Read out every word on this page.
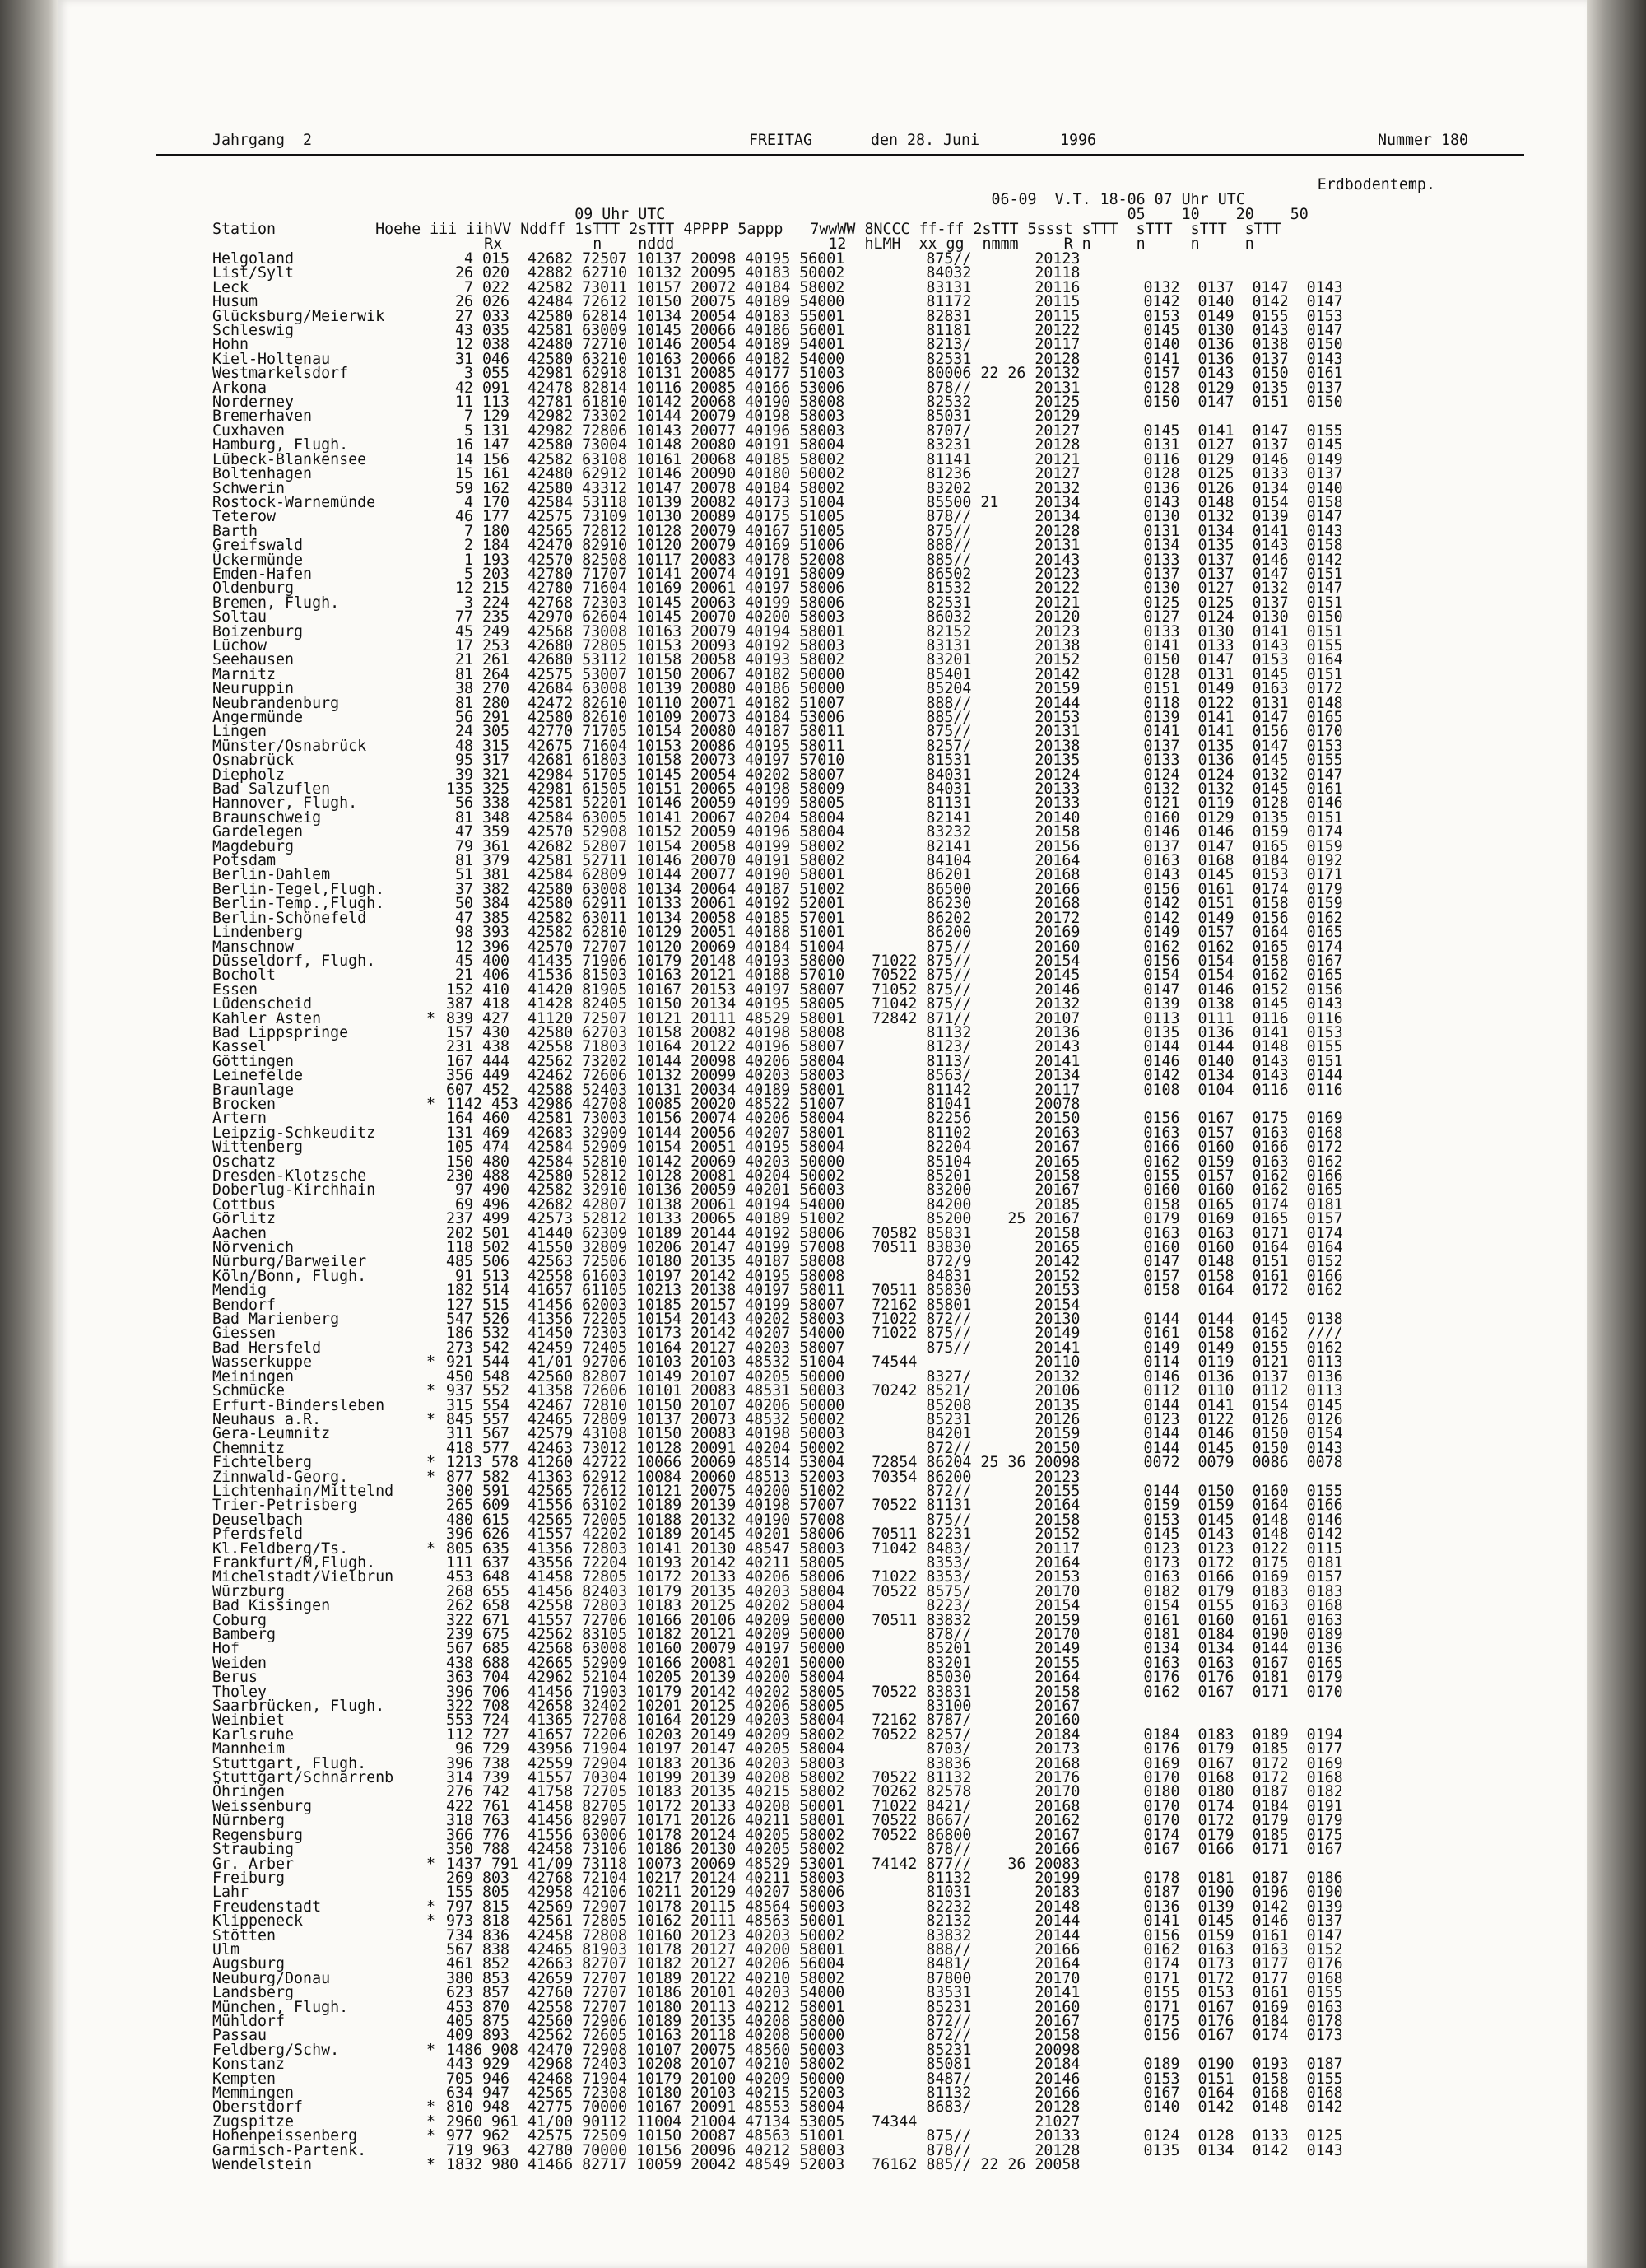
Jahrgang  2	FREITAG	den 28. Juni	1996	Nummer 180
Erdbodentemp.
06-09  V.T. 18-06 07 Uhr UTC
09 Uhr UTC                                                   05    10    20    50
Station           Hoehe iii iihVV Nddff 1sTTT 2sTTT 4PPPP 5appp   7wwWW 8NCCC ff-ff 2sTTT 5ssst sTTT  sTTT  sTTT  sTTT
Rx          n    nddd                 12  hLMH  xx gg  nmmm     R n     n     n     n
Helgoland	4 015  42682 72507 10137 20098 40195 56001         875//       20123
List/Sylt	26 020  42882 62710 10132 20095 40183 50002         84032       20118
Leck	7 022  42582 73011 10157 20072 40184 58002         83131       20116       0132  0137  0147  0143
Husum	26 026  42484 72612 10150 20075 40189 54000         81172       20115       0142  0140  0142  0147
Glücksburg/Meierwik	27 033  42580 62814 10134 20054 40183 55001         82831       20115       0153  0149  0155  0153
Schleswig	43 035  42581 63009 10145 20066 40186 56001         81181       20122       0145  0130  0143  0147
Hohn	12 038  42480 72710 10146 20054 40189 54001         8213/       20117       0140  0136  0138  0150
Kiel-Holtenau	31 046  42580 63210 10163 20066 40182 54000         82531       20128       0141  0136  0137  0143
Westmarkelsdorf	3 055  42981 62918 10131 20085 40177 51003         80006 22 26 20132       0157  0143  0150  0161
Arkona	42 091  42478 82814 10116 20085 40166 53006         878//       20131       0128  0129  0135  0137
Norderney	11 113  42781 61810 10142 20068 40190 58008         82532       20125       0150  0147  0151  0150
Bremerhaven	7 129  42982 73302 10144 20079 40198 58003         85031       20129
Cuxhaven	5 131  42982 72806 10143 20077 40196 58003         8707/       20127       0145  0141  0147  0155
Hamburg, Flugh.	16 147  42580 73004 10148 20080 40191 58004         83231       20128       0131  0127  0137  0145
Lübeck-Blankensee	14 156  42582 63108 10161 20068 40185 58002         81141       20121       0116  0129  0146  0149
Boltenhagen	15 161  42480 62912 10146 20090 40180 50002         81236       20127       0128  0125  0133  0137
Schwerin	59 162  42580 43312 10147 20078 40184 58002         83202       20132       0136  0126  0134  0140
Rostock-Warnemünde	4 170  42584 53118 10139 20082 40173 51004         85500 21    20134       0143  0148  0154  0158
Teterow	46 177  42575 73109 10130 20089 40175 51005         878//       20134       0130  0132  0139  0147
Barth	7 180  42565 72812 10128 20079 40167 51005         875//       20128       0131  0134  0141  0143
Greifswald	2 184  42470 82910 10120 20079 40169 51006         888//       20131       0134  0135  0143  0158
Ückermünde	1 193  42570 82508 10117 20083 40178 52008         885//       20143       0133  0137  0146  0142
Emden-Hafen	5 203  42780 71707 10141 20074 40191 58009         86502       20123       0137  0137  0147  0151
Oldenburg	12 215  42780 71604 10169 20061 40197 58006         81532       20122       0130  0127  0132  0147
Bremen, Flugh.	3 224  42768 72303 10145 20063 40199 58006         82531       20121       0125  0125  0137  0151
Soltau	77 235  42970 62604 10145 20070 40200 58003         86032       20120       0127  0124  0130  0150
Boizenburg	45 249  42568 73008 10163 20079 40194 58001         82152       20123       0133  0130  0141  0151
Lüchow	17 253  42680 72805 10153 20093 40192 58003         83131       20138       0141  0133  0143  0155
Seehausen	21 261  42680 53112 10158 20058 40193 58002         83201       20152       0150  0147  0153  0164
Marnitz	81 264  42575 53007 10150 20067 40182 50000         85401       20142       0128  0131  0145  0151
Neuruppin	38 270  42684 63008 10139 20080 40186 50000         85204       20159       0151  0149  0163  0172
Neubrandenburg	81 280  42472 82610 10110 20071 40182 51007         888//       20144       0118  0122  0131  0148
Angermünde	56 291  42580 82610 10109 20073 40184 53006         885//       20153       0139  0141  0147  0165
Lingen	24 305  42770 71705 10154 20080 40187 58011         875//       20131       0141  0141  0156  0170
Münster/Osnabrück	48 315  42675 71604 10153 20086 40195 58011         8257/       20138       0137  0135  0147  0153
Osnabrück	95 317  42681 61803 10158 20073 40197 57010         81531       20135       0133  0136  0145  0155
Diepholz	39 321  42984 51705 10145 20054 40202 58007         84031       20124       0124  0124  0132  0147
Bad Salzuflen	135 325  42981 61505 10151 20065 40198 58009         84031       20133       0132  0132  0145  0161
Hannover, Flugh.	56 338  42581 52201 10146 20059 40199 58005         81131       20133       0121  0119  0128  0146
Braunschweig	81 348  42584 63005 10141 20067 40204 58004         82141       20140       0160  0129  0135  0151
Gardelegen	47 359  42570 52908 10152 20059 40196 58004         83232       20158       0146  0146  0159  0174
Magdeburg	79 361  42682 52807 10154 20058 40199 58002         82141       20156       0137  0147  0165  0159
Potsdam	81 379  42581 52711 10146 20070 40191 58002         84104       20164       0163  0168  0184  0192
Berlin-Dahlem	51 381  42584 62809 10144 20077 40190 58001         86201       20168       0143  0145  0153  0171
Berlin-Tegel,Flugh.	37 382  42580 63008 10134 20064 40187 51002         86500       20166       0156  0161  0174  0179
Berlin-Temp.,Flugh.	50 384  42580 62911 10133 20061 40192 52001         86230       20168       0142  0151  0158  0159
Berlin-Schönefeld	47 385  42582 63011 10134 20058 40185 57001         86202       20172       0142  0149  0156  0162
Lindenberg	98 393  42582 62810 10129 20051 40188 51001         86200       20169       0149  0157  0164  0165
Manschnow	12 396  42570 72707 10120 20069 40184 51004         875//       20160       0162  0162  0165  0174
Düsseldorf, Flugh.	45 400  41435 71906 10179 20148 40193 58000   71022 875//       20154       0156  0154  0158  0167
Bocholt	21 406  41536 81503 10163 20121 40188 57010   70522 875//       20145       0154  0154  0162  0165
Essen	152 410  41420 81905 10167 20153 40197 58007   71052 875//       20146       0147  0146  0152  0156
Lüdenscheid	387 418  41428 82405 10150 20134 40195 58005   71042 875//       20132       0139  0138  0145  0143
Kahler Asten	* 839 427  41120 72507 10121 20111 48529 58001   72842 871//       20107       0113  0111  0116  0116
Bad Lippspringe	157 430  42580 62703 10158 20082 40198 58008         81132       20136       0135  0136  0141  0153
Kassel	231 438  42558 71803 10164 20122 40196 58007         8123/       20143       0144  0144  0148  0155
Göttingen	167 444  42562 73202 10144 20098 40206 58004         8113/       20141       0146  0140  0143  0151
Leinefelde	356 449  42462 72606 10132 20099 40203 58003         8563/       20134       0142  0134  0143  0144
Braunlage	607 452  42588 52403 10131 20034 40189 58001         81142       20117       0108  0104  0116  0116
Brocken	* 1142 453 42986 42708 10085 20020 48522 51007         81041       20078
Artern	164 460  42581 73003 10156 20074 40206 58004         82256       20150       0156  0167  0175  0169
Leipzig-Schkeuditz	131 469  42683 32909 10144 20056 40207 58001         81102       20163       0163  0157  0163  0168
Wittenberg	105 474  42584 52909 10154 20051 40195 58004         82204       20167       0166  0160  0166  0172
Oschatz	150 480  42584 52810 10142 20069 40203 50000         85104       20165       0162  0159  0163  0162
Dresden-Klotzsche	230 488  42580 52812 10128 20081 40204 50002         85201       20158       0155  0157  0162  0166
Doberlug-Kirchhain	97 490  42582 32910 10136 20059 40201 56003         83200       20167       0160  0160  0162  0165
Cottbus	69 496  42682 42807 10138 20061 40194 54000         84200       20185       0158  0165  0174  0181
Görlitz	237 499  42573 52812 10133 20065 40189 51002         85200    25 20167       0179  0169  0165  0157
Aachen	202 501  41440 62309 10189 20144 40192 58006   70582 85831       20158       0163  0163  0171  0174
Nörvenich	118 502  41550 32809 10206 20147 40199 57008   70511 83830       20165       0160  0160  0164  0164
Nürburg/Barweiler	485 506  42563 72506 10180 20135 40187 58008         872/9       20142       0147  0148  0151  0152
Köln/Bonn, Flugh.	91 513  42558 61603 10197 20142 40195 58008         84831       20152       0157  0158  0161  0166
Mendig	182 514  41657 61105 10213 20138 40197 58011   70511 85830       20153       0158  0164  0172  0162
Bendorf	127 515  41456 62003 10185 20157 40199 58007   72162 85801       20154
Bad Marienberg	547 526  41356 72205 10154 20143 40202 58003   71022 872//       20130       0144  0144  0145  0138
Giessen	186 532  41450 72303 10173 20142 40207 54000   71022 875//       20149       0161  0158  0162  ////
Bad Hersfeld	273 542  42459 72405 10164 20127 40203 58007         875//       20141       0149  0149  0155  0162
Wasserkuppe	* 921 544  41/01 92706 10103 20103 48532 51004   74544             20110       0114  0119  0121  0113
Meiningen	450 548  42560 82807 10149 20107 40205 50000         8327/       20132       0146  0136  0137  0136
Schmücke	* 937 552  41358 72606 10101 20083 48531 50003   70242 8521/       20106       0112  0110  0112  0113
Erfurt-Bindersleben	315 554  42467 72810 10150 20107 40206 50000         85208       20135       0144  0141  0154  0145
Neuhaus a.R.	* 845 557  42465 72809 10137 20073 48532 50002         85231       20126       0123  0122  0126  0126
Gera-Leumnitz	311 567  42579 43108 10150 20083 40198 50003         84201       20159       0144  0146  0150  0154
Chemnitz	418 577  42463 73012 10128 20091 40204 50002         872//       20150       0144  0145  0150  0143
Fichtelberg	* 1213 578 41260 42722 10066 20069 48514 53004   72854 86204 25 36 20098       0072  0079  0086  0078
Zinnwald-Georg.	* 877 582  41363 62912 10084 20060 48513 52003   70354 86200       20123
Lichtenhain/Mittelnd	300 591  42565 72612 10121 20075 40200 51002         872//       20155       0144  0150  0160  0155
Trier-Petrisberg	265 609  41556 63102 10189 20139 40198 57007   70522 81131       20164       0159  0159  0164  0166
Deuselbach	480 615  42565 72005 10188 20132 40190 57008         875//       20158       0153  0145  0148  0146
Pferdsfeld	396 626  41557 42202 10189 20145 40201 58006   70511 82231       20152       0145  0143  0148  0142
Kl.Feldberg/Ts.	* 805 635  41356 72803 10141 20130 48547 58003   71042 8483/       20117       0123  0123  0122  0115
Frankfurt/M,Flugh.	111 637  43556 72204 10193 20142 40211 58005         8353/       20164       0173  0172  0175  0181
Michelstadt/Vielbrun	453 648  41458 72805 10172 20133 40206 58006   71022 8353/       20153       0163  0166  0169  0157
Würzburg	268 655  41456 82403 10179 20135 40203 58004   70522 8575/       20170       0182  0179  0183  0183
Bad Kissingen	262 658  42558 72803 10183 20125 40202 58004         8223/       20154       0154  0155  0163  0168
Coburg	322 671  41557 72706 10166 20106 40209 50000   70511 83832       20159       0161  0160  0161  0163
Bamberg	239 675  42562 83105 10182 20121 40209 50000         878//       20170       0181  0184  0190  0189
Hof	567 685  42568 63008 10160 20079 40197 50000         85201       20149       0134  0134  0144  0136
Weiden	438 688  42665 52909 10166 20081 40201 50000         83201       20155       0163  0163  0167  0165
Berus	363 704  42962 52104 10205 20139 40200 58004         85030       20164       0176  0176  0181  0179
Tholey	396 706  41456 71903 10179 20142 40202 58005   70522 83831       20158       0162  0167  0171  0170
Saarbrücken, Flugh.	322 708  42658 32402 10201 20125 40206 58005         83100       20167
Weinbiet	553 724  41365 72708 10164 20129 40203 58004   72162 8787/       20160
Karlsruhe	112 727  41657 72206 10203 20149 40209 58002   70522 8257/       20184       0184  0183  0189  0194
Mannheim	96 729  43956 71904 10197 20147 40205 58004         8703/       20173       0176  0179  0185  0177
Stuttgart, Flugh.	396 738  42559 72904 10183 20136 40203 58003         83836       20168       0169  0167  0172  0169
Stuttgart/Schnarrenb	314 739  41557 70304 10199 20139 40208 58002   70522 81132       20176       0170  0168  0172  0168
Öhringen	276 742  41758 72705 10183 20135 40215 58002   70262 82578       20170       0180  0180  0187  0182
Weissenburg	422 761  41458 82705 10172 20133 40208 50001   71022 8421/       20168       0170  0174  0184  0191
Nürnberg	318 763  41456 82907 10171 20126 40211 58001   70522 8667/       20162       0170  0172  0179  0179
Regensburg	366 776  41556 63006 10178 20124 40205 58002   70522 86800       20167       0174  0179  0185  0175
Straubing	350 788  42458 73106 10186 20130 40205 58002         878//       20166       0167  0166  0171  0167
Gr. Arber	* 1437 791 41/09 73118 10073 20069 48529 53001   74142 877//    36 20083
Freiburg	269 803  42768 72104 10217 20124 40211 58003         81132       20199       0178  0181  0187  0186
Lahr	155 805  42958 42106 10211 20129 40207 58006         81031       20183       0187  0190  0196  0190
Freudenstadt	* 797 815  42569 72907 10178 20115 48564 50003         82232       20148       0136  0139  0142  0139
Klippeneck	* 973 818  42561 72805 10162 20111 48563 50001         82132       20144       0141  0145  0146  0137
Stötten	734 836  42458 72808 10160 20123 40203 50002         83832       20144       0156  0159  0161  0147
Ulm	567 838  42465 81903 10178 20127 40200 58001         888//       20166       0162  0163  0163  0152
Augsburg	461 852  42663 82707 10182 20127 40206 56004         8481/       20164       0174  0173  0177  0176
Neuburg/Donau	380 853  42659 72707 10189 20122 40210 58002         87800       20170       0171  0172  0177  0168
Landsberg	623 857  42760 72707 10186 20101 40203 54000         83531       20141       0155  0153  0161  0155
München, Flugh.	453 870  42558 72707 10180 20113 40212 58001         85231       20160       0171  0167  0169  0163
Mühldorf	405 875  42560 72906 10189 20135 40208 58000         872//       20167       0175  0176  0184  0178
Passau	409 893  42562 72605 10163 20118 40208 50000         872//       20158       0156  0167  0174  0173
Feldberg/Schw.	* 1486 908 42470 72908 10107 20075 48560 50003         85231       20098
Konstanz	443 929  42968 72403 10208 20107 40210 58002         85081       20184       0189  0190  0193  0187
Kempten	705 946  42468 71904 10179 20100 40209 50000         8487/       20146       0153  0151  0158  0155
Memmingen	634 947  42565 72308 10180 20103 40215 52003         81132       20166       0167  0164  0168  0168
Oberstdorf	* 810 948  42775 70000 10167 20091 48553 58004         8683/       20128       0140  0142  0148  0142
Zugspitze	* 2960 961 41/00 90112 11004 21004 47134 53005   74344             21027
Hohenpeissenberg	* 977 962  42575 72509 10150 20087 48563 51001         875//       20133       0124  0128  0133  0125
Garmisch-Partenk.	719 963  42780 70000 10156 20096 40212 58003         878//       20128       0135  0134  0142  0143
Wendelstein	* 1832 980 41466 82717 10059 20042 48549 52003   76162 885// 22 26 20058
